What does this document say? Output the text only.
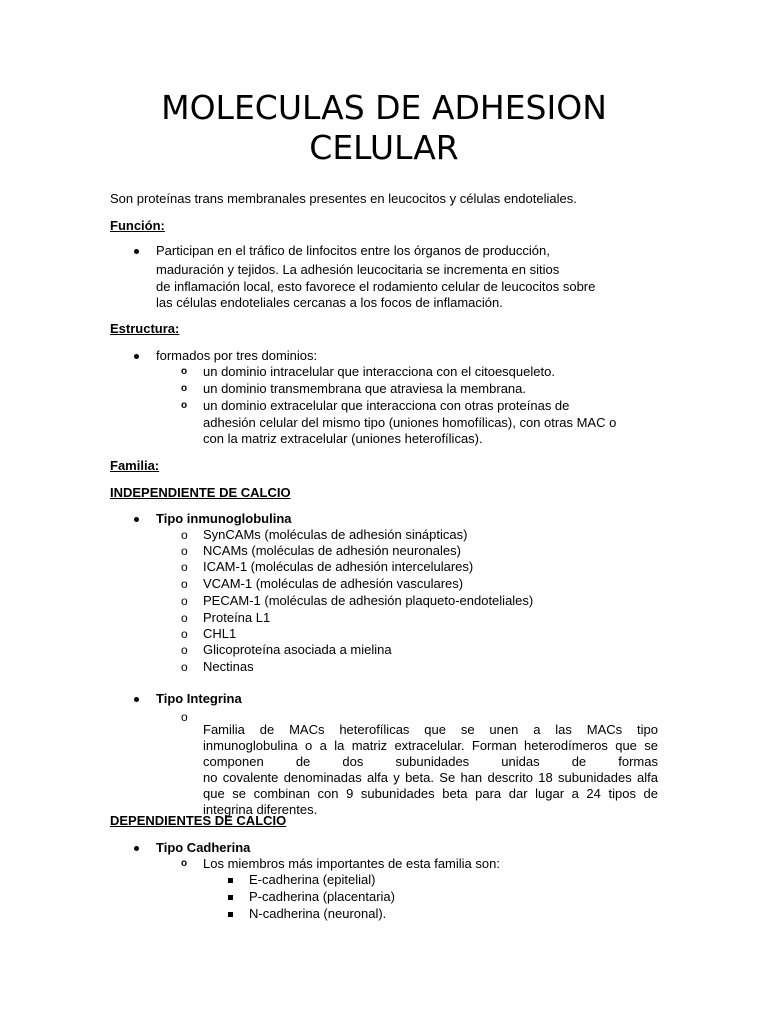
MOLECULAS DE ADHESION
CELULAR

Son proteínas trans membranales presentes en leucocitos y células endoteliales.

Función:

Participan en el tráfico de linfocitos entre los órganos de producción,

maduración y tejidos. La adhesión leucocitaria se incrementa en sitios

de inflamación local, esto favorece el rodamiento celular de leucocitos sobre

las células endoteliales cercanas a los focos de inflamación.

Estructura:

formados por tres dominios:

o un dominio intracelular que interacciona con el citoesqueleto.

o un dominio transmembrana que atraviesa la membrana.

o un dominio extracelular que interacciona con otras proteínas de

adhesión celular del mismo tipo (uniones homofílicas), con otras MAC o

con la matriz extracelular (uniones heterofílicas).

Familia:

INDEPENDIENTE DE CALCIO

Tipo inmunoglobulina

o SynCAMs (moléculas de adhesión sinápticas)

o NCAMs (moléculas de adhesión neuronales)

o ICAM-1 (moléculas de adhesión intercelulares)

o VCAM-1 (moléculas de adhesión vasculares)

o PECAM-1 (moléculas de adhesión plaqueto-endoteliales)

o Proteína L1

o CHL1

o Glicoproteína asociada a mielina

o Nectinas

Tipo Integrina

o

Familia de MACs heterofílicas que se unen a las MACs tipo

inmunoglobulina o a la matriz extracelular. Forman heterodímeros que se

componen de dos subunidades unidas de formas

no covalente denominadas alfa y beta. Se han descrito 18 subunidades alfa

que se combinan con 9 subunidades beta para dar lugar a 24 tipos de

integrina diferentes.

DEPENDIENTES DE CALCIO

Tipo Cadherina

o Los miembros más importantes de esta familia son:

E-cadherina (epitelial)

P-cadherina (placentaria)

N-cadherina (neuronal).
